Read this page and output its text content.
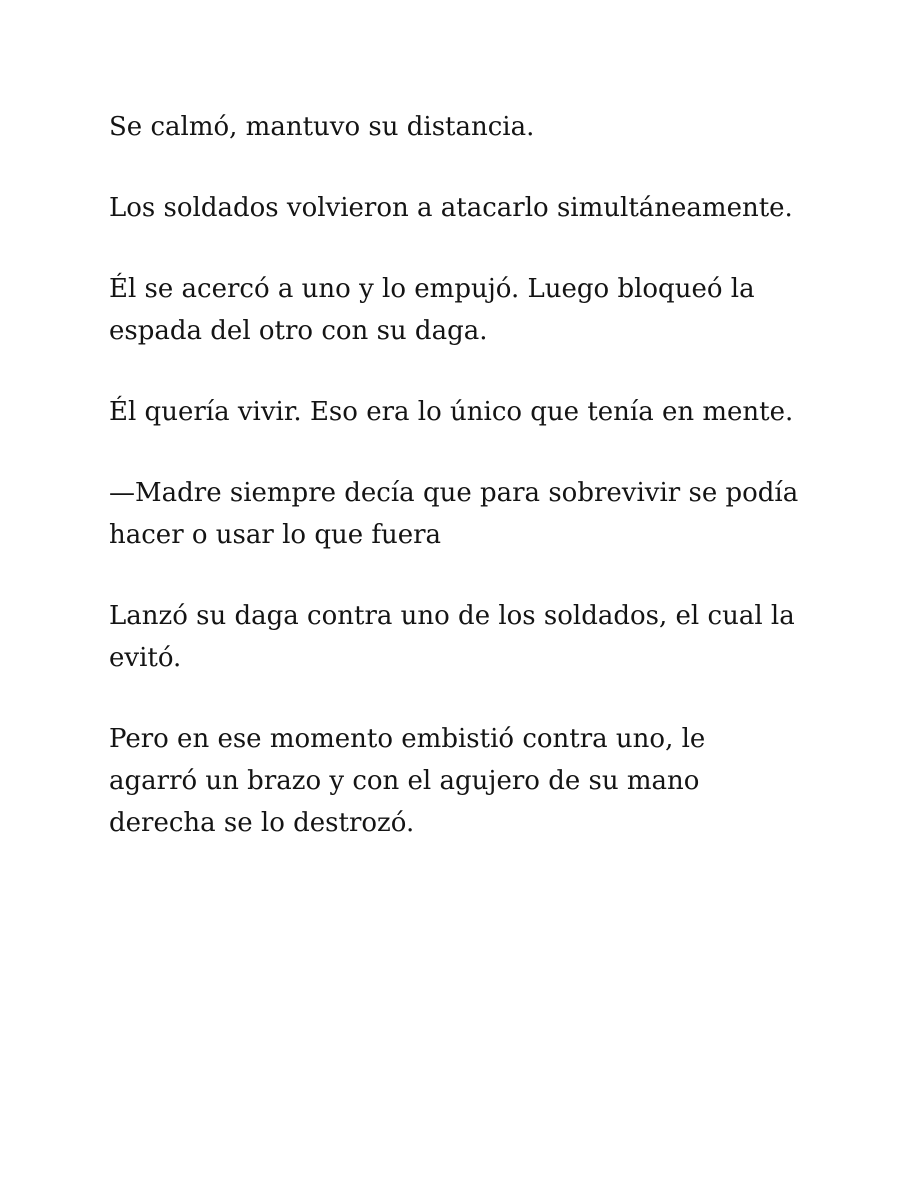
Se calmó, mantuvo su distancia.

Los soldados volvieron a atacarlo simultáneamente.

Él se acercó a uno y lo empujó. Luego bloqueó la espada del otro con su daga.

Él quería vivir. Eso era lo único que tenía en mente.

—Madre siempre decía que para sobrevivir se podía hacer o usar lo que fuera

Lanzó su daga contra uno de los soldados, el cual la evitó.

Pero en ese momento embistió contra uno, le agarró un brazo y con el agujero de su mano derecha se lo destrozó.
